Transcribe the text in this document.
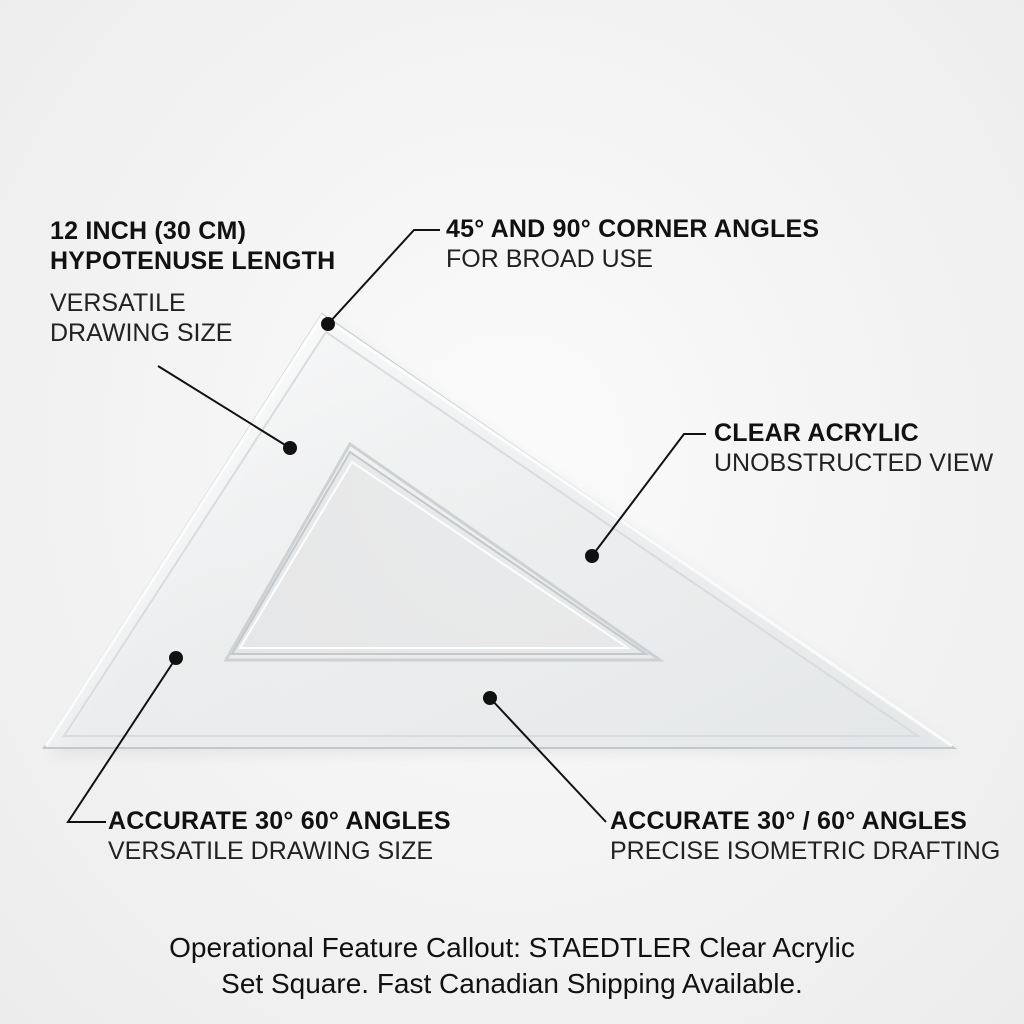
12 INCH (30 CM)
HYPOTENUSE LENGTH
VERSATILE
DRAWING SIZE
45° AND 90° CORNER ANGLES
FOR BROAD USE
CLEAR ACRYLIC
UNOBSTRUCTED VIEW
ACCURATE 30° 60° ANGLES
VERSATILE DRAWING SIZE
ACCURATE 30° / 60° ANGLES
PRECISE ISOMETRIC DRAFTING
Operational Feature Callout: STAEDTLER Clear Acrylic
Set Square. Fast Canadian Shipping Available.
